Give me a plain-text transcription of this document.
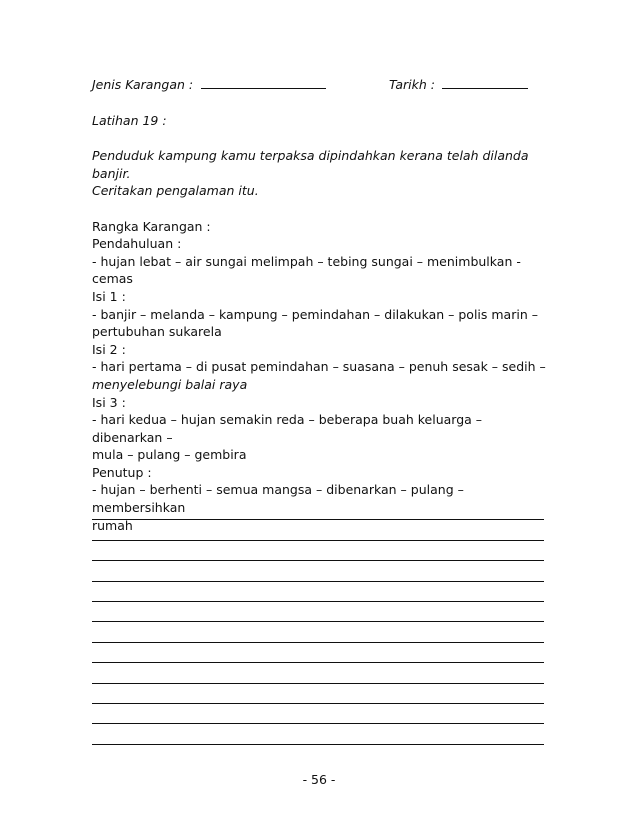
Jenis Karangan :	Tarikh :

Latihan 19 :

Penduduk kampung kamu terpaksa dipindahkan kerana telah dilanda banjir.

Ceritakan pengalaman itu.

Rangka Karangan :

Pendahuluan :

- hujan lebat – air sungai melimpah – tebing sungai – menimbulkan - cemas

Isi 1 :

- banjir – melanda – kampung – pemindahan – dilakukan – polis marin –

pertubuhan sukarela

Isi 2 :

- hari pertama – di pusat pemindahan – suasana – penuh sesak – sedih –

menyelebungi balai raya

Isi 3 :

- hari kedua – hujan semakin reda – beberapa buah keluarga – dibenarkan –

mula – pulang – gembira

Penutup :

- hujan – berhenti – semua mangsa – dibenarkan – pulang – membersihkan

rumah

- 56 -
